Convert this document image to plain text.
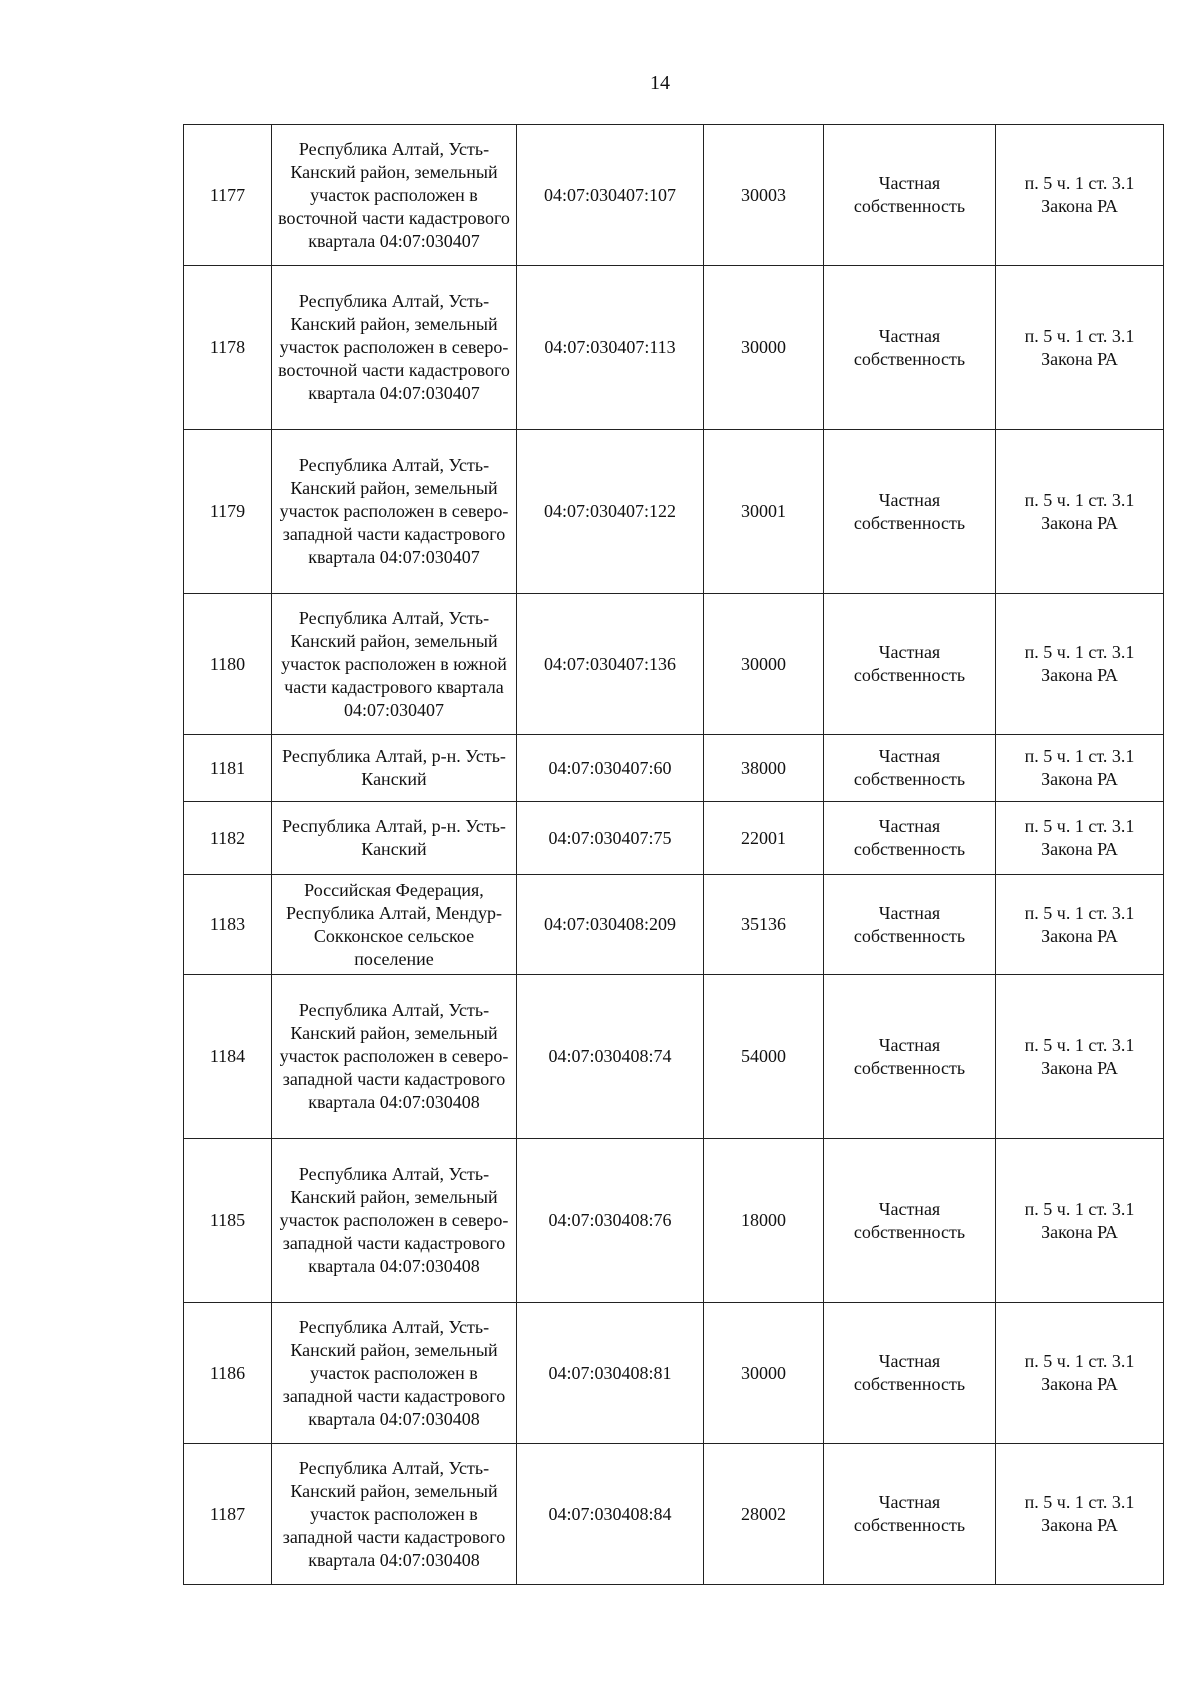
14
1177	Республика Алтай, Усть-Канский район, земельный участок расположен в восточной части кадастрового квартала 04:07:030407	04:07:030407:107	30003	Частная собственность	п. 5 ч. 1 ст. 3.1 Закона РА
1178	Республика Алтай, Усть-Канский район, земельный участок расположен в северо-восточной части кадастрового квартала 04:07:030407	04:07:030407:113	30000	Частная собственность	п. 5 ч. 1 ст. 3.1 Закона РА
1179	Республика Алтай, Усть-Канский район, земельный участок расположен в северо-западной части кадастрового квартала 04:07:030407	04:07:030407:122	30001	Частная собственность	п. 5 ч. 1 ст. 3.1 Закона РА
1180	Республика Алтай, Усть-Канский район, земельный участок расположен в южной части кадастрового квартала 04:07:030407	04:07:030407:136	30000	Частная собственность	п. 5 ч. 1 ст. 3.1 Закона РА
1181	Республика Алтай, р-н. Усть-Канский	04:07:030407:60	38000	Частная собственность	п. 5 ч. 1 ст. 3.1 Закона РА
1182	Республика Алтай, р-н. Усть-Канский	04:07:030407:75	22001	Частная собственность	п. 5 ч. 1 ст. 3.1 Закона РА
1183	Российская Федерация, Республика Алтай, Мендур-Сокконское сельское поселение	04:07:030408:209	35136	Частная собственность	п. 5 ч. 1 ст. 3.1 Закона РА
1184	Республика Алтай, Усть-Канский район, земельный участок расположен в северо-западной части кадастрового квартала 04:07:030408	04:07:030408:74	54000	Частная собственность	п. 5 ч. 1 ст. 3.1 Закона РА
1185	Республика Алтай, Усть-Канский район, земельный участок расположен в северо-западной части кадастрового квартала 04:07:030408	04:07:030408:76	18000	Частная собственность	п. 5 ч. 1 ст. 3.1 Закона РА
1186	Республика Алтай, Усть-Канский район, земельный участок расположен в западной части кадастрового квартала 04:07:030408	04:07:030408:81	30000	Частная собственность	п. 5 ч. 1 ст. 3.1 Закона РА
1187	Республика Алтай, Усть-Канский район, земельный участок расположен в западной части кадастрового квартала 04:07:030408	04:07:030408:84	28002	Частная собственность	п. 5 ч. 1 ст. 3.1 Закона РА
